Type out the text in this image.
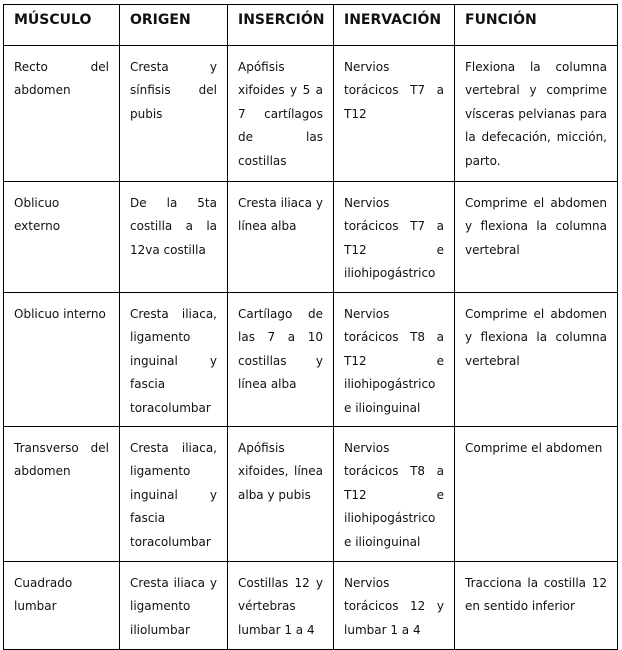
MÚSCULO	ORIGEN	INSERCIÓN	INERVACIÓN	FUNCIÓN

Recto del abdomen	Cresta y sínfisis del pubis	Apófisis xifoides y 5 a 7 cartílagos de las costillas	Nervios torácicos T7 a T12	Flexiona la columna vertebral y comprime vísceras pelvianas para la defecación, micción, parto.

Oblicuo externo	De la 5ta costilla a la 12va costilla	Cresta iliaca y línea alba	Nervios torácicos T7 a T12 e iliohipogástrico	Comprime el abdomen y flexiona la columna vertebral

Oblicuo interno	Cresta iliaca, ligamento inguinal y fascia toracolumbar	Cartílago de las 7 a 10 costillas y línea alba	Nervios torácicos T8 a T12 e iliohipogástrico e ilioinguinal	Comprime el abdomen y flexiona la columna vertebral

Transverso del abdomen	Cresta iliaca, ligamento inguinal y fascia toracolumbar	Apófisis xifoides, línea alba y pubis	Nervios torácicos T8 a T12 e iliohipogástrico e ilioinguinal	Comprime el abdomen

Cuadrado lumbar	Cresta iliaca y ligamento iliolumbar	Costillas 12 y vértebras lumbar 1 a 4	Nervios torácicos 12 y lumbar 1 a 4	Tracciona la costilla 12 en sentido inferior
